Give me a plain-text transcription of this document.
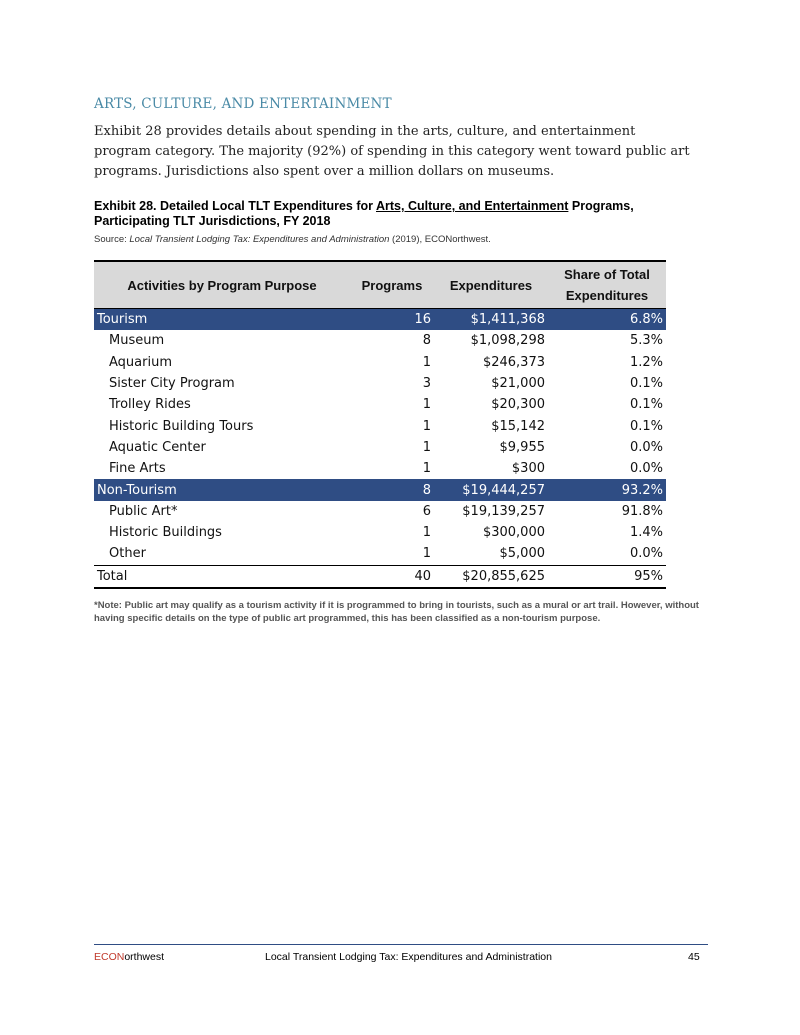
ARTS, CULTURE, AND ENTERTAINMENT
Exhibit 28 provides details about spending in the arts, culture, and entertainment program category. The majority (92%) of spending in this category went toward public art programs. Jurisdictions also spent over a million dollars on museums.
Exhibit 28. Detailed Local TLT Expenditures for Arts, Culture, and Entertainment Programs, Participating TLT Jurisdictions, FY 2018
Source: Local Transient Lodging Tax: Expenditures and Administration (2019), ECONorthwest.
Activities by Program Purpose	Programs	Expenditures	Share of Total
Expenditures
Tourism	16	$1,411,368	6.8%
Museum	8	$1,098,298	5.3%
Aquarium	1	$246,373	1.2%
Sister City Program	3	$21,000	0.1%
Trolley Rides	1	$20,300	0.1%
Historic Building Tours	1	$15,142	0.1%
Aquatic Center	1	$9,955	0.0%
Fine Arts	1	$300	0.0%
Non-Tourism	8	$19,444,257	93.2%
Public Art*	6	$19,139,257	91.8%
Historic Buildings	1	$300,000	1.4%
Other	1	$5,000	0.0%
Total	40	$20,855,625	95%
*Note: Public art may qualify as a tourism activity if it is programmed to bring in tourists, such as a mural or art trail. However, without having specific details on the type of public art programmed, this has been classified as a non-tourism purpose.
ECONorthwest	Local Transient Lodging Tax: Expenditures and Administration	45
